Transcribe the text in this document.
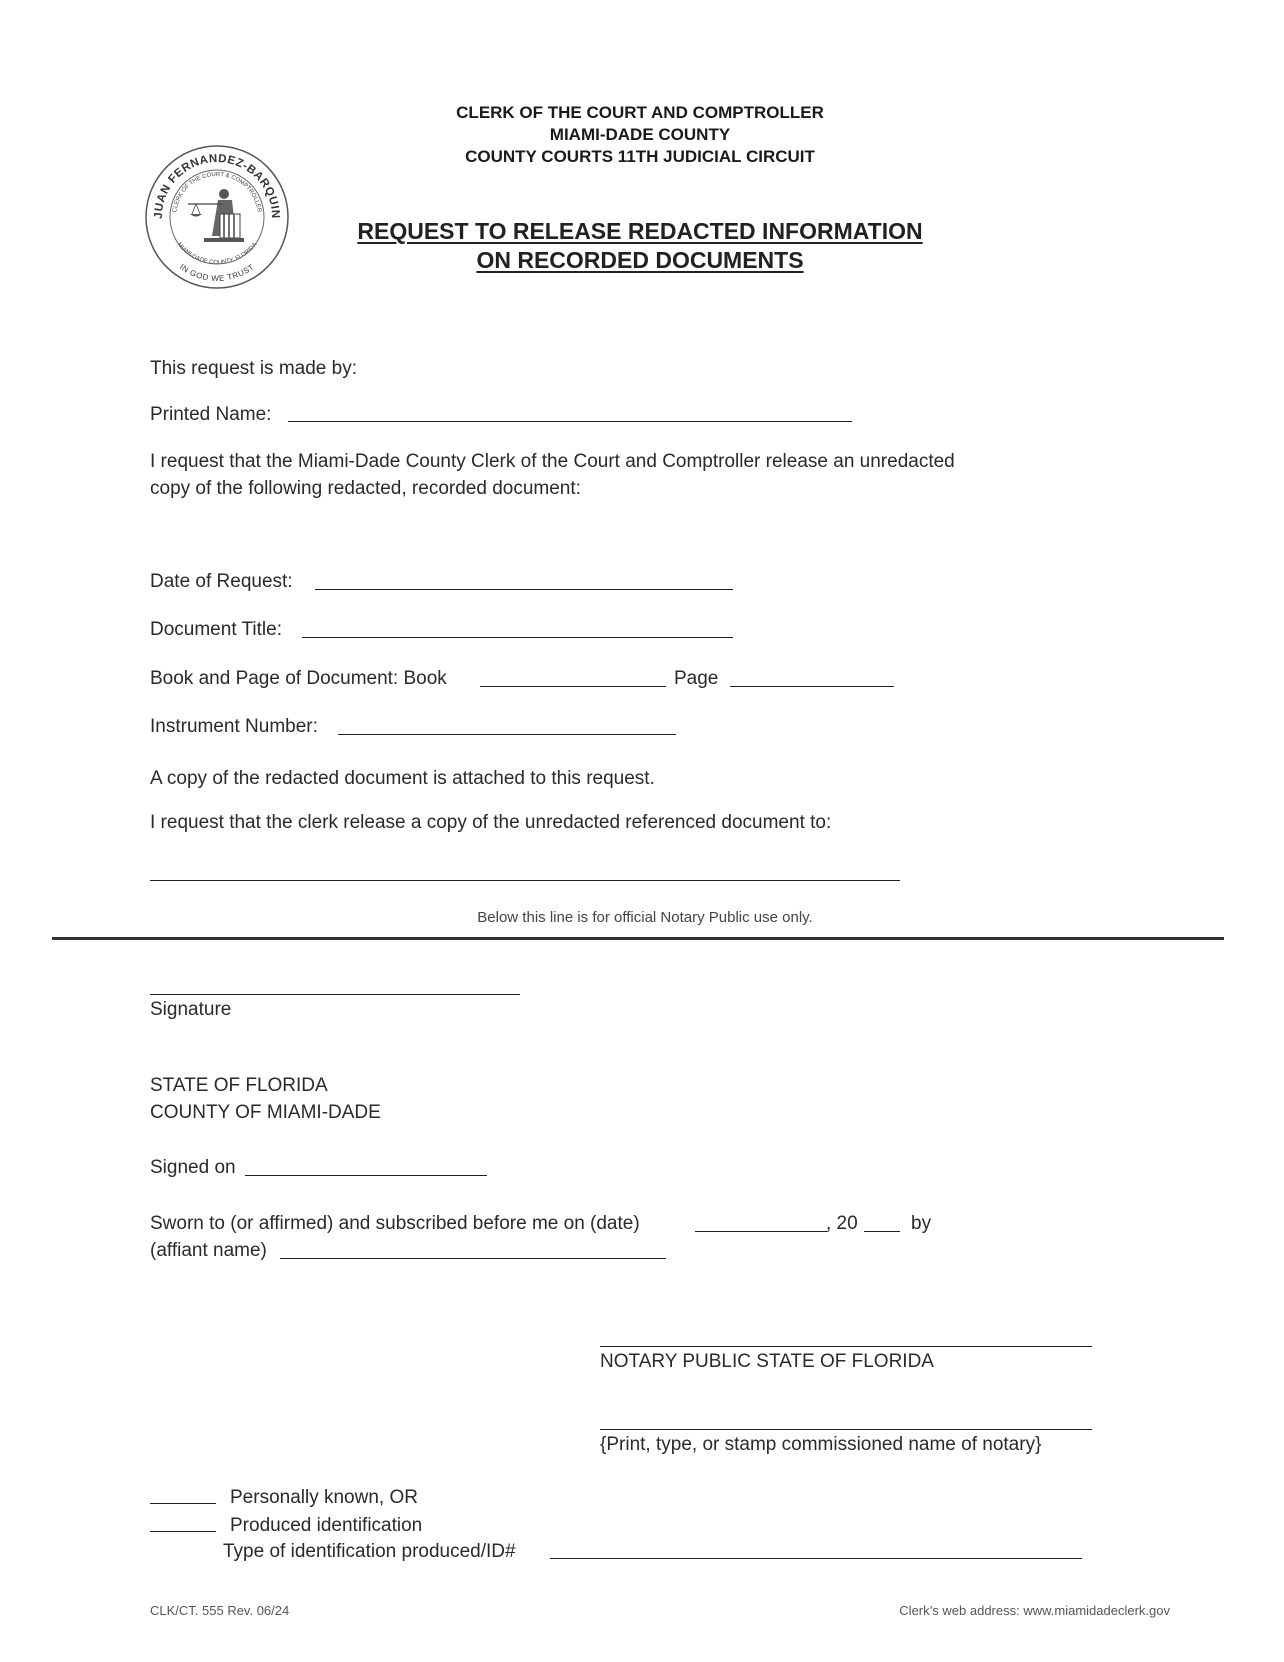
CLERK OF THE COURT AND COMPTROLLER
MIAMI-DADE COUNTY
COUNTY COURTS 11TH JUDICIAL CIRCUIT
JUAN FERNANDEZ-BARQUIN
CLERK OF THE COURT & COMPTROLLER
MIAMI-DADE COUNTY, FLORIDA
IN GOD WE TRUST
REQUEST TO RELEASE REDACTED INFORMATION
ON RECORDED DOCUMENTS
This request is made by:
Printed Name:
I request that the Miami-Dade County Clerk of the Court and Comptroller release an unredacted
copy of the following redacted, recorded document:
Date of Request:
Document Title:
Book and Page of Document: Book	Page
Instrument Number:
A copy of the redacted document is attached to this request.
I request that the clerk release a copy of the unredacted referenced document to:
Below this line is for official Notary Public use only.
Signature
STATE OF FLORIDA
COUNTY OF MIAMI-DADE
Signed on
Sworn to (or affirmed) and subscribed before me on (date)	, 20	by
(affiant name)
NOTARY PUBLIC STATE OF FLORIDA
{Print, type, or stamp commissioned name of notary}
Personally known, OR
Produced identification
Type of identification produced/ID#
CLK/CT. 555 Rev. 06/24	Clerk’s web address: www.miamidadeclerk.gov
